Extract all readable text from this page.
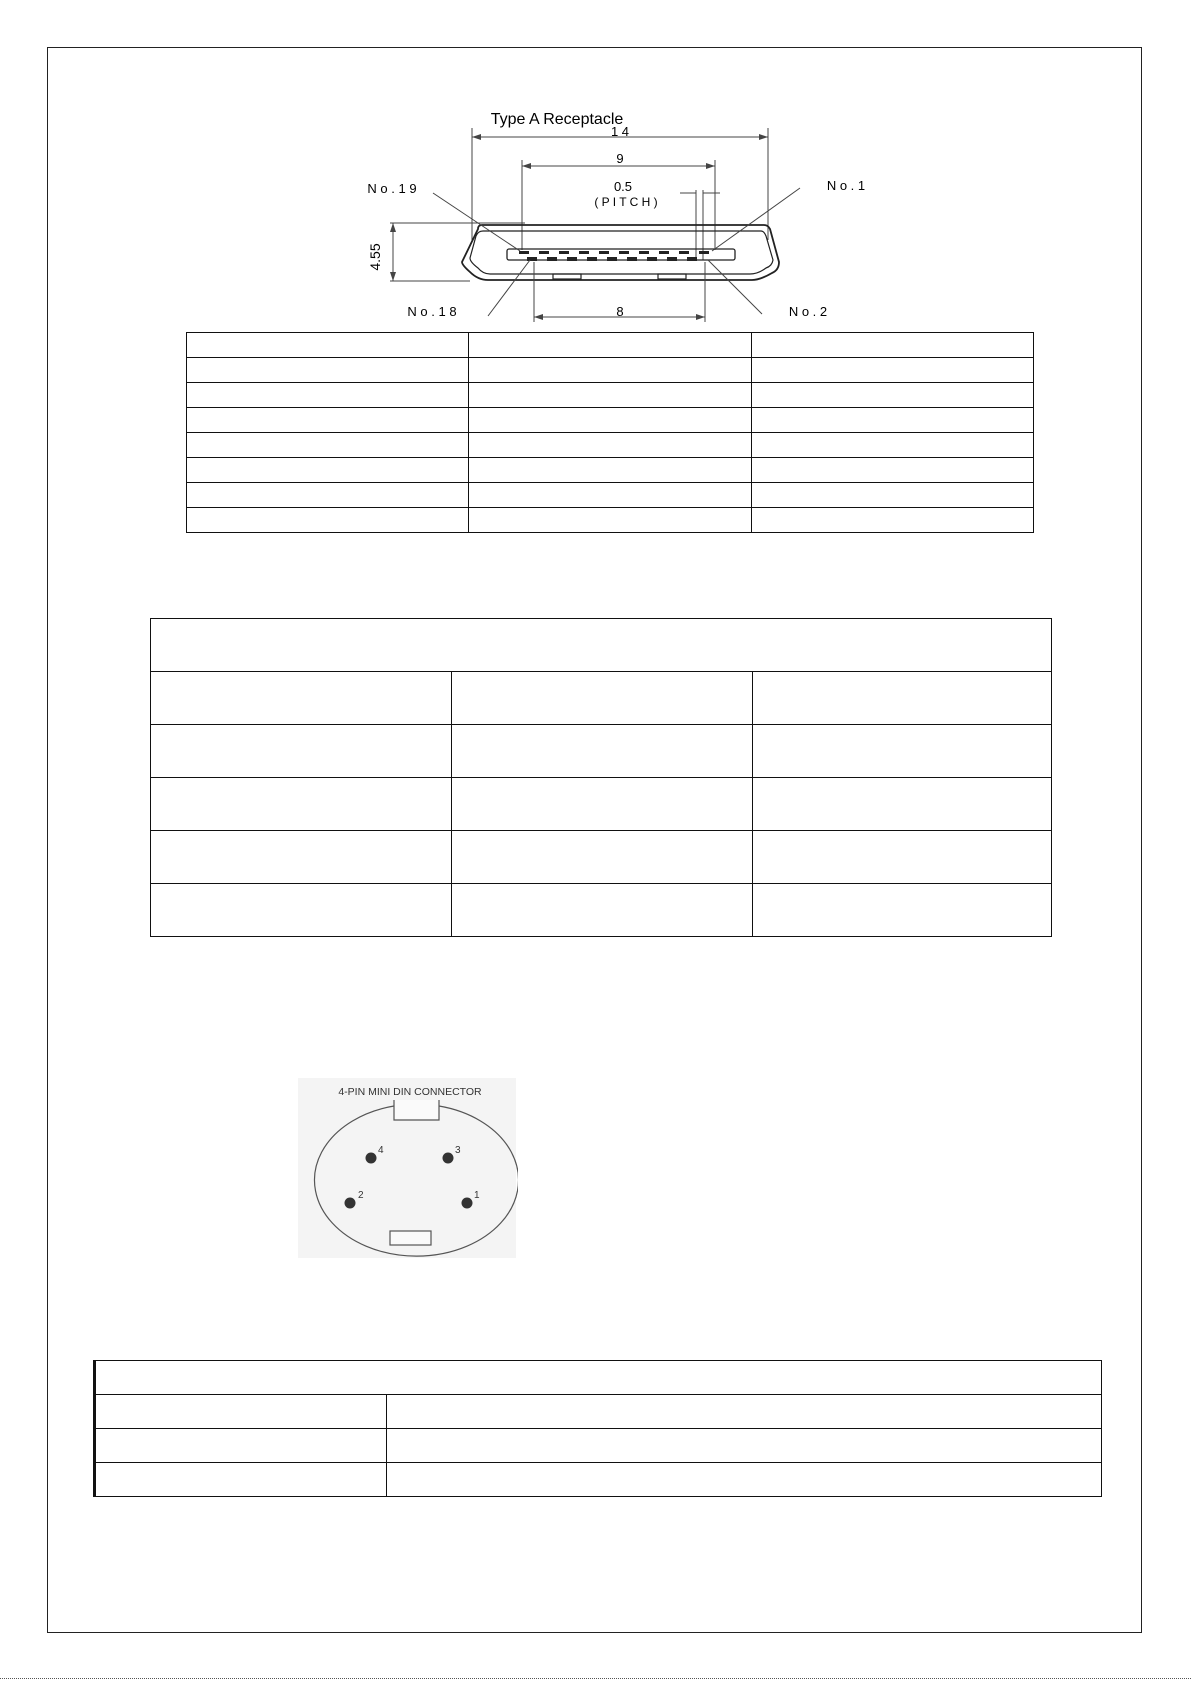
Type A Receptacle
1 4
9
0.5
( P I T C H )
4.55
N o . 1 9	N o . 1
N o . 1 8	N o . 2
8

4-PIN MINI DIN CONNECTOR
4	3
2	1
